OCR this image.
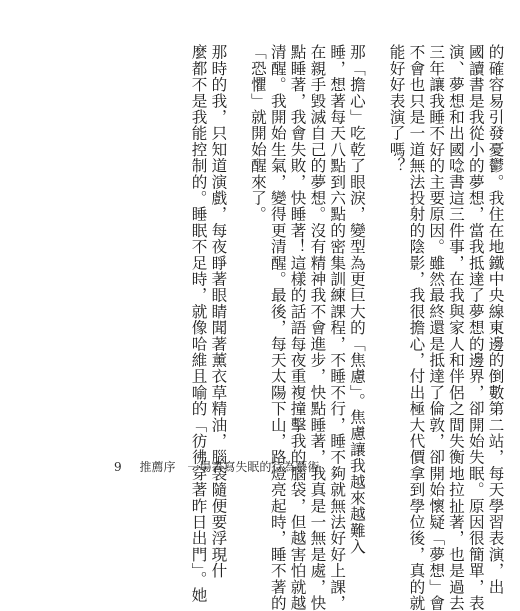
的確容易引發憂鬱。我住在地鐵中央線東邊的倒數第二站，每天學習表演，出
國讀書是我從小的夢想，當我抵達了夢想的邊界，卻開始失眠。原因很簡單，表
演、夢想和出國唸書這三件事，在我與家人和伴侶之間失衡地拉扯著，也是過去
三年讓我睡不好的主要原因。雖然最終還是抵達了倫敦，卻開始懷疑「夢想」會
不會也只是一道無法投射的陰影，我很擔心，付出極大代價拿到學位後，真的就
能好好表演了嗎？
那「擔心」吃乾了眼淚，變型為更巨大的「焦慮」。焦慮讓我越來越難入
睡，想著每天八點到六點的密集訓練課程，不睡不行，睡不夠就無法好好上課，
在親手毀滅自己的夢想。沒有精神我不會進步，快點睡著，我真是一無是處，快
點睡著，我會失敗，快睡著！這樣的話語每夜重複撞擊我的腦袋，但越害怕就越
清醒。我開始生氣，變得更清醒。最後，每天太陽下山，路燈亮起時，睡不著的
「恐懼」就開始醒來了。
那時的我，只知道演戲，每夜睜著眼睛聞著薰衣草精油，腦袋隨便要浮現什
麼都不是我能控制的。睡眠不足時，就像哈維且喻的「彷彿穿著昨日出門」。她
9 推薦序 一場書寫失眠的行為藝術
